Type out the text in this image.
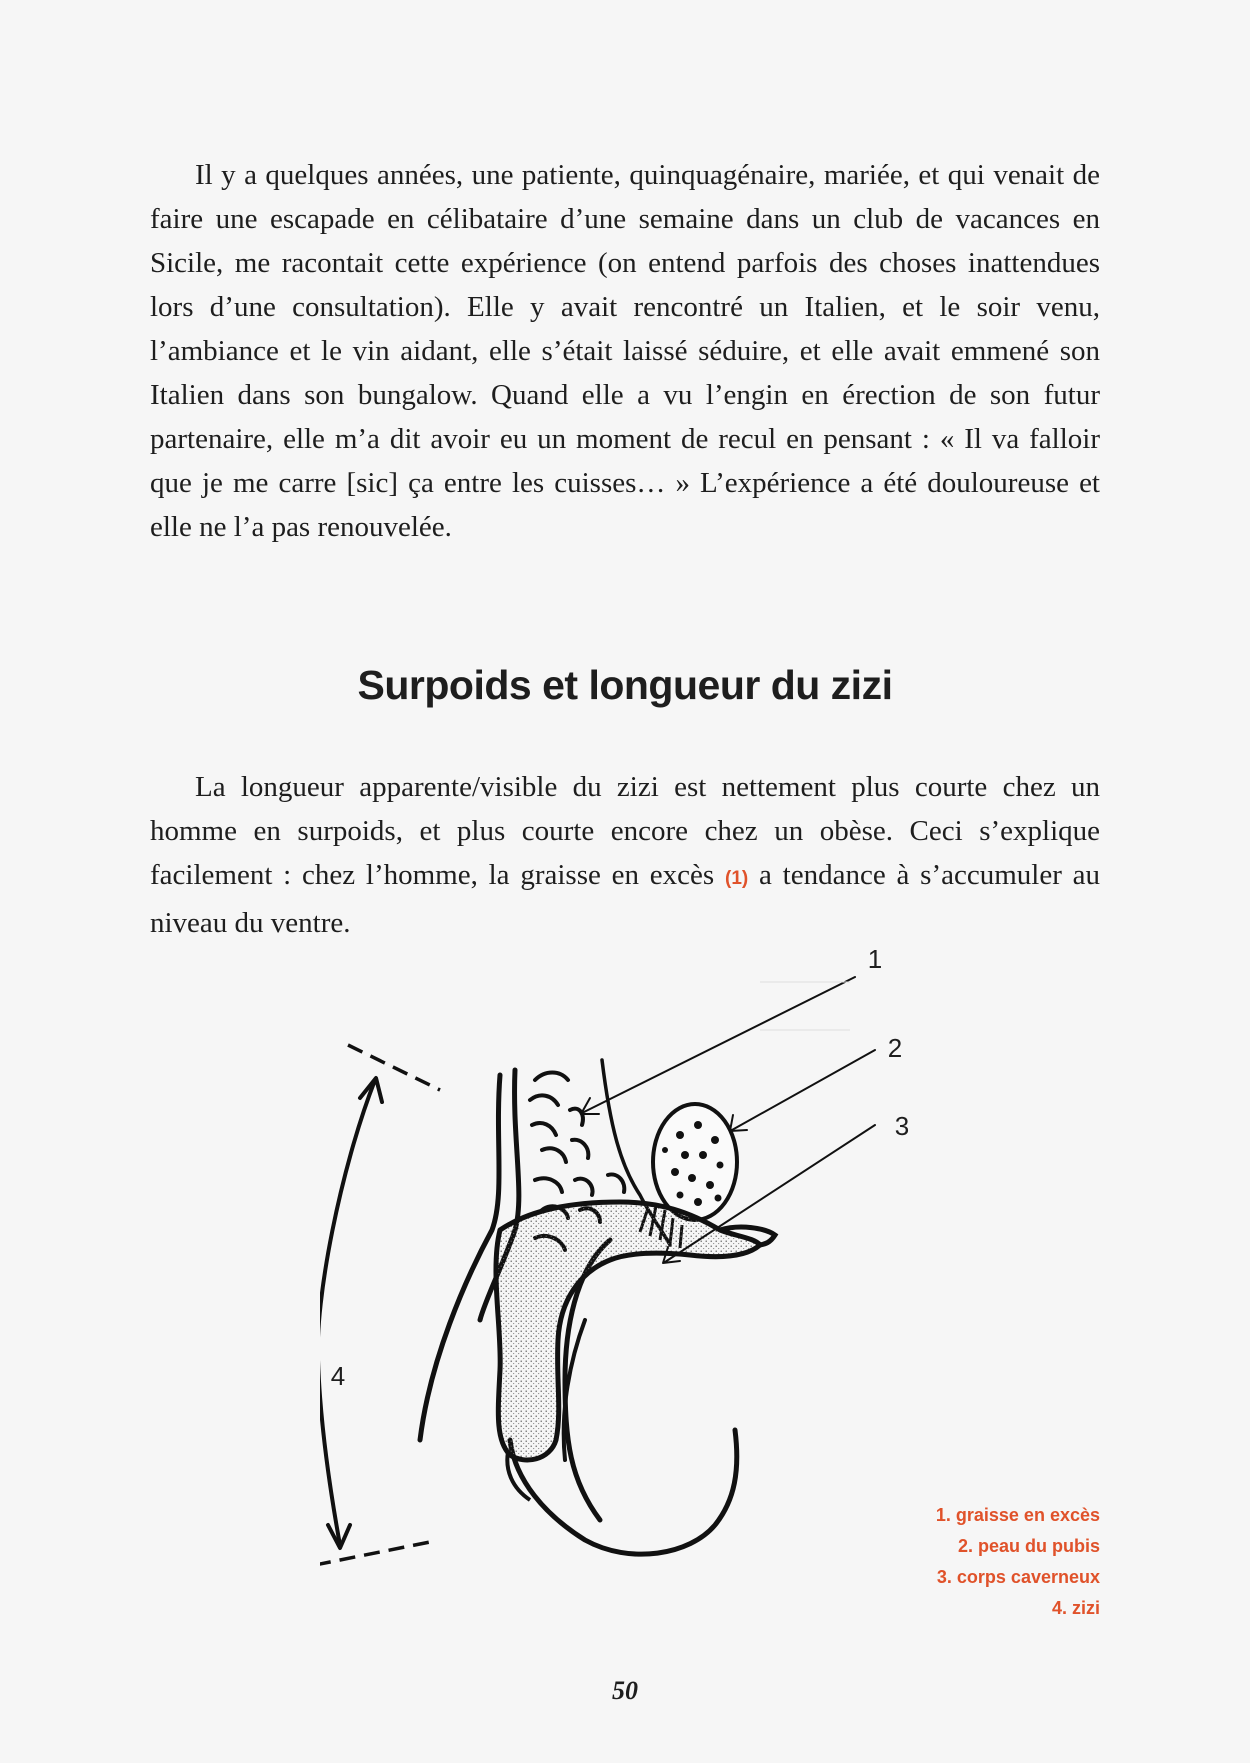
Il y a quelques années, une patiente, quinquagénaire, mariée, et qui venait de faire une escapade en célibataire d’une semaine dans un club de vacances en Sicile, me racontait cette expérience (on entend parfois des choses inattendues lors d’une consultation). Elle y avait rencontré un Italien, et le soir venu, l’ambiance et le vin aidant, elle s’était laissé séduire, et elle avait emmené son Italien dans son bungalow. Quand elle a vu l’engin en érection de son futur partenaire, elle m’a dit avoir eu un moment de recul en pensant : « Il va falloir que je me carre [sic] ça entre les cuisses… » L’expérience a été douloureuse et elle ne l’a pas renouvelée.

Surpoids et longueur du zizi

La longueur apparente/visible du zizi est nettement plus courte chez un homme en surpoids, et plus courte encore chez un obèse. Ceci s’explique facilement : chez l’homme, la graisse en excès (1) a tendance à s’accumuler au niveau du ventre.

1
2
3
4
1. graisse en excès
2. peau du pubis
3. corps caverneux
4. zizi
50
